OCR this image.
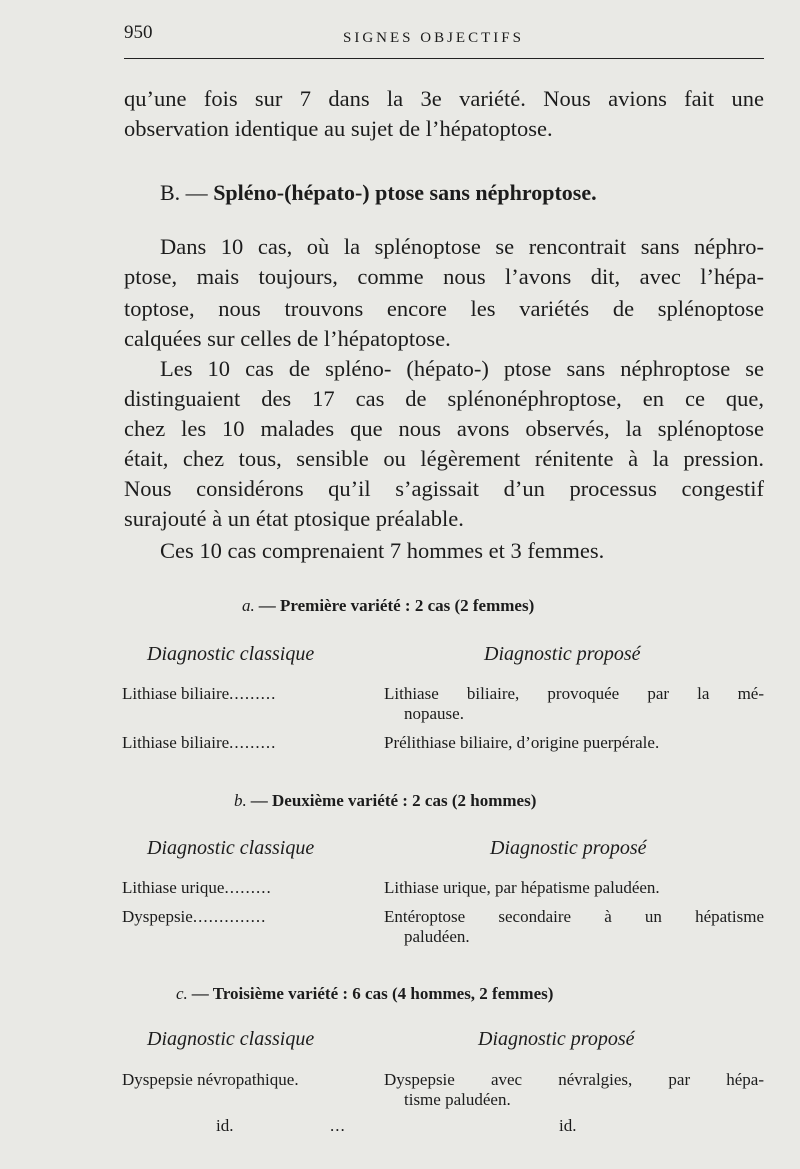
950	SIGNES OBJECTIFS
qu’une fois sur 7 dans la 3e variété. Nous avions fait une
observation identique au sujet de l’hépatoptose.
B. — Spléno-(hépato-) ptose sans néphroptose.
Dans 10 cas, où la splénoptose se rencontrait sans néphro-
ptose, mais toujours, comme nous l’avons dit, avec l’hépa-
toptose, nous trouvons encore les variétés de splénoptose
calquées sur celles de l’hépatoptose.
Les 10 cas de spléno- (hépato-) ptose sans néphroptose se
distinguaient des 17 cas de splénonéphroptose, en ce que,
chez les 10 malades que nous avons observés, la splénoptose
était, chez tous, sensible ou légèrement rénitente à la pression.
Nous considérons qu’il s’agissait d’un processus congestif
surajouté à un état ptosique préalable.
Ces 10 cas comprenaient 7 hommes et 3 femmes.
a. — Première variété : 2 cas (2 femmes)
Diagnostic classique	Diagnostic proposé
Lithiase biliaire.........	Lithiase biliaire, provoquée par la mé-
nopause.
Lithiase biliaire.........	Prélithiase biliaire, d’origine puerpérale.
b. — Deuxième variété : 2 cas (2 hommes)
Diagnostic classique	Diagnostic proposé
Lithiase urique.........	Lithiase urique, par hépatisme paludéen.
Dyspepsie..............	Entéroptose secondaire à un hépatisme
paludéen.
c. — Troisième variété : 6 cas (4 hommes, 2 femmes)
Diagnostic classique	Diagnostic proposé
Dyspepsie névropathique.	Dyspepsie avec névralgies, par hépa-
tisme paludéen.
id.	...	id.
